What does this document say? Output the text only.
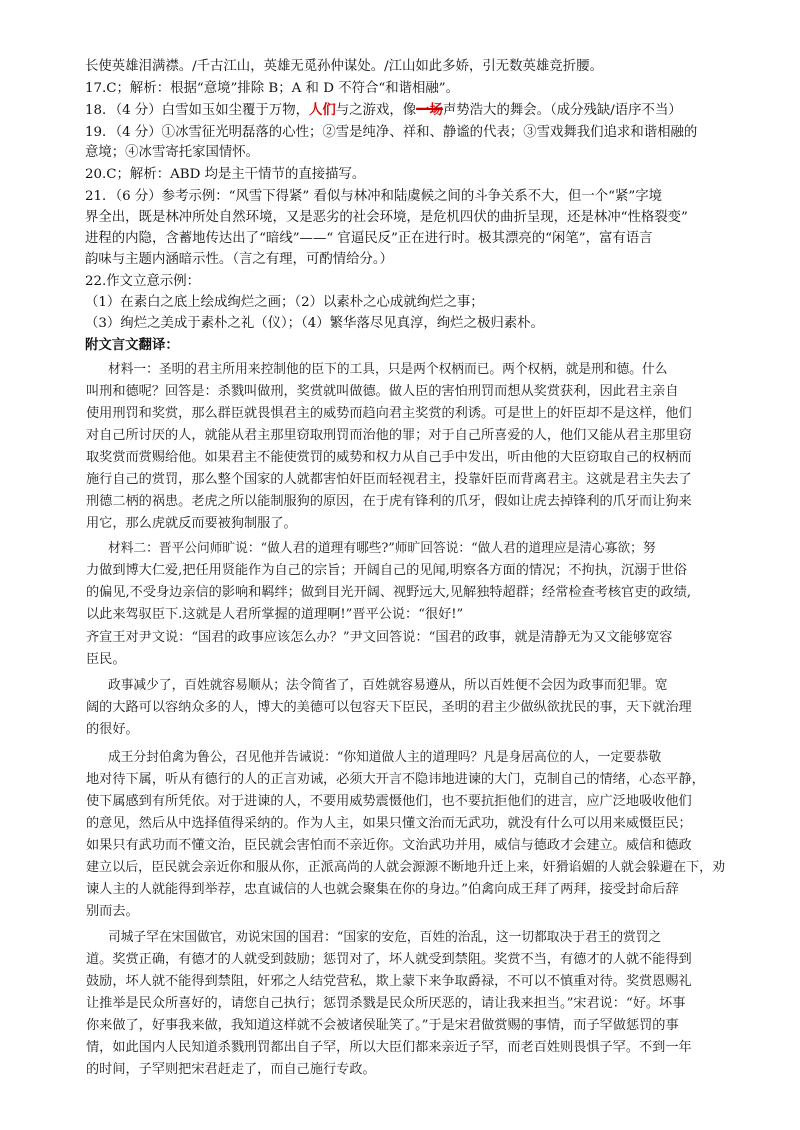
长使英雄泪满襟。/千古江山，英雄无觅孙仲谋处。/江山如此多娇，引无数英雄竞折腰。
17.C；解析：根据“意境”排除 B；A 和 D 不符合“和谐相融”。
18．（4 分）白雪如玉如尘覆于万物，人们与之游戏，像一场声势浩大的舞会。（成分残缺/语序不当）
19．（4 分）①冰雪征光明磊落的心性；②雪是纯净、祥和、静谧的代表；③雪戏舞我们追求和谐相融的
意境；④冰雪寄托家国情怀。
20.C；解析：ABD 均是主干情节的直接描写。
21．（6 分）参考示例：“风雪下得紧” 看似与林冲和陆虞候之间的斗争关系不大，但一个“紧”字境
界全出，既是林冲所处自然环境，又是恶劣的社会环境，是危机四伏的曲折呈现，还是林冲“性格裂变”
进程的内隐，含蓄地传达出了“暗线”——“ 官逼民反”正在进行时。极其漂亮的“闲笔”，富有语言
韵味与主题内涵暗示性。（言之有理，可酌情给分。）
22.作文立意示例：
（1）在素白之底上绘成绚烂之画；（2）以素朴之心成就绚烂之事；
（3）绚烂之美成于素朴之礼（仪）；（4）繁华落尽见真淳，绚烂之极归素朴。
附文言文翻译：
材料一：圣明的君主所用来控制他的臣下的工具，只是两个权柄而已。两个权柄，就是刑和德。什么
叫刑和德呢？回答是：杀戮叫做刑，奖赏就叫做德。做人臣的害怕刑罚而想从奖赏获利，因此君主亲自
使用刑罚和奖赏，那么群臣就畏惧君主的威势而趋向君主奖赏的利诱。可是世上的奸臣却不是这样，他们
对自己所讨厌的人，就能从君主那里窃取刑罚而治他的罪；对于自己所喜爱的人，他们又能从君主那里窃
取奖赏而赏赐给他。如果君主不能使赏罚的威势和权力从自己手中发出，听由他的大臣窃取自己的权柄而
施行自己的赏罚，那么整个国家的人就都害怕奸臣而轻视君主，投靠奸臣而背离君主。这就是君主失去了
刑德二柄的祸患。老虎之所以能制服狗的原因，在于虎有锋利的爪牙，假如让虎去掉锋利的爪牙而让狗来
用它，那么虎就反而要被狗制服了。
材料二：晋平公问师旷说：“做人君的道理有哪些?”师旷回答说：“做人君的道理应是清心寡欲；努
力做到博大仁爱,把任用贤能作为自己的宗旨；开阔自己的见闻,明察各方面的情况；不拘执，沉溺于世俗
的偏见,不受身边亲信的影响和羁绊；做到目光开阔、视野远大,见解独特超群；经常检查考核官吏的政绩,
以此来驾驭臣下.这就是人君所掌握的道理啊!”晋平公说：“很好!”
齐宣王对尹文说：“国君的政事应该怎么办？”尹文回答说：“国君的政事，就是清静无为又文能够宽容
臣民。
政事减少了，百姓就容易顺从；法令简省了，百姓就容易遵从，所以百姓便不会因为政事而犯罪。宽
阔的大路可以容纳众多的人，博大的美德可以包容天下臣民，圣明的君主少做纵欲扰民的事，天下就治理
的很好。
成王分封伯禽为鲁公，召见他并告诫说：“你知道做人主的道理吗？凡是身居高位的人，一定要恭敬
地对待下属，听从有德行的人的正言劝诫，必须大开言不隐讳地进谏的大门，克制自己的情绪，心态平静，
使下属感到有所凭依。对于进谏的人，不要用威势震慑他们，也不要抗拒他们的进言，应广泛地吸收他们
的意见，然后从中选择值得采纳的。作为人主，如果只懂文治而无武功，就没有什么可以用来威慑臣民；
如果只有武功而不懂文治，臣民就会害怕而不亲近你。文治武功并用，威信与德政才会建立。威信和德政
建立以后，臣民就会亲近你和服从你，正派高尚的人就会源源不断地升迁上来，奸猾谄媚的人就会躲避在下，劝
谏人主的人就能得到举荐，忠直诚信的人也就会聚集在你的身边。”伯禽向成王拜了两拜，接受封命后辞
别而去。
司城子罕在宋国做官，劝说宋国的国君：“国家的安危，百姓的治乱，这一切都取决于君王的赏罚之
道。奖赏正确，有德才的人就受到鼓励；惩罚对了，坏人就受到禁阻。奖赏不当，有德才的人就不能得到
鼓励，坏人就不能得到禁阻，奸邪之人结党营私，欺上蒙下来争取爵禄，不可以不慎重对待。奖赏恩赐礼
让推举是民众所喜好的，请您自己执行；惩罚杀戮是民众所厌恶的，请让我来担当。”宋君说：“好。坏事
你来做了，好事我来做，我知道这样就不会被诸侯耻笑了。”于是宋君做赏赐的事情，而子罕做惩罚的事
情，如此国内人民知道杀戮刑罚都出自子罕，所以大臣们都来亲近子罕，而老百姓则畏惧子罕。不到一年
的时间，子罕则把宋君赶走了，而自己施行专政。
